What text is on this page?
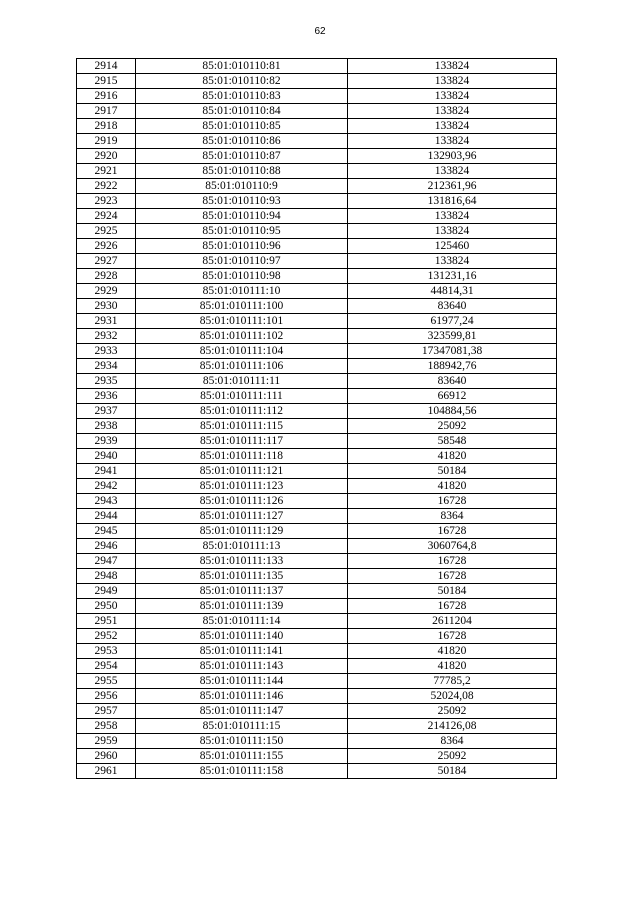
62
2914	85:01:010110:81	133824
2915	85:01:010110:82	133824
2916	85:01:010110:83	133824
2917	85:01:010110:84	133824
2918	85:01:010110:85	133824
2919	85:01:010110:86	133824
2920	85:01:010110:87	132903,96
2921	85:01:010110:88	133824
2922	85:01:010110:9	212361,96
2923	85:01:010110:93	131816,64
2924	85:01:010110:94	133824
2925	85:01:010110:95	133824
2926	85:01:010110:96	125460
2927	85:01:010110:97	133824
2928	85:01:010110:98	131231,16
2929	85:01:010111:10	44814,31
2930	85:01:010111:100	83640
2931	85:01:010111:101	61977,24
2932	85:01:010111:102	323599,81
2933	85:01:010111:104	17347081,38
2934	85:01:010111:106	188942,76
2935	85:01:010111:11	83640
2936	85:01:010111:111	66912
2937	85:01:010111:112	104884,56
2938	85:01:010111:115	25092
2939	85:01:010111:117	58548
2940	85:01:010111:118	41820
2941	85:01:010111:121	50184
2942	85:01:010111:123	41820
2943	85:01:010111:126	16728
2944	85:01:010111:127	8364
2945	85:01:010111:129	16728
2946	85:01:010111:13	3060764,8
2947	85:01:010111:133	16728
2948	85:01:010111:135	16728
2949	85:01:010111:137	50184
2950	85:01:010111:139	16728
2951	85:01:010111:14	2611204
2952	85:01:010111:140	16728
2953	85:01:010111:141	41820
2954	85:01:010111:143	41820
2955	85:01:010111:144	77785,2
2956	85:01:010111:146	52024,08
2957	85:01:010111:147	25092
2958	85:01:010111:15	214126,08
2959	85:01:010111:150	8364
2960	85:01:010111:155	25092
2961	85:01:010111:158	50184
